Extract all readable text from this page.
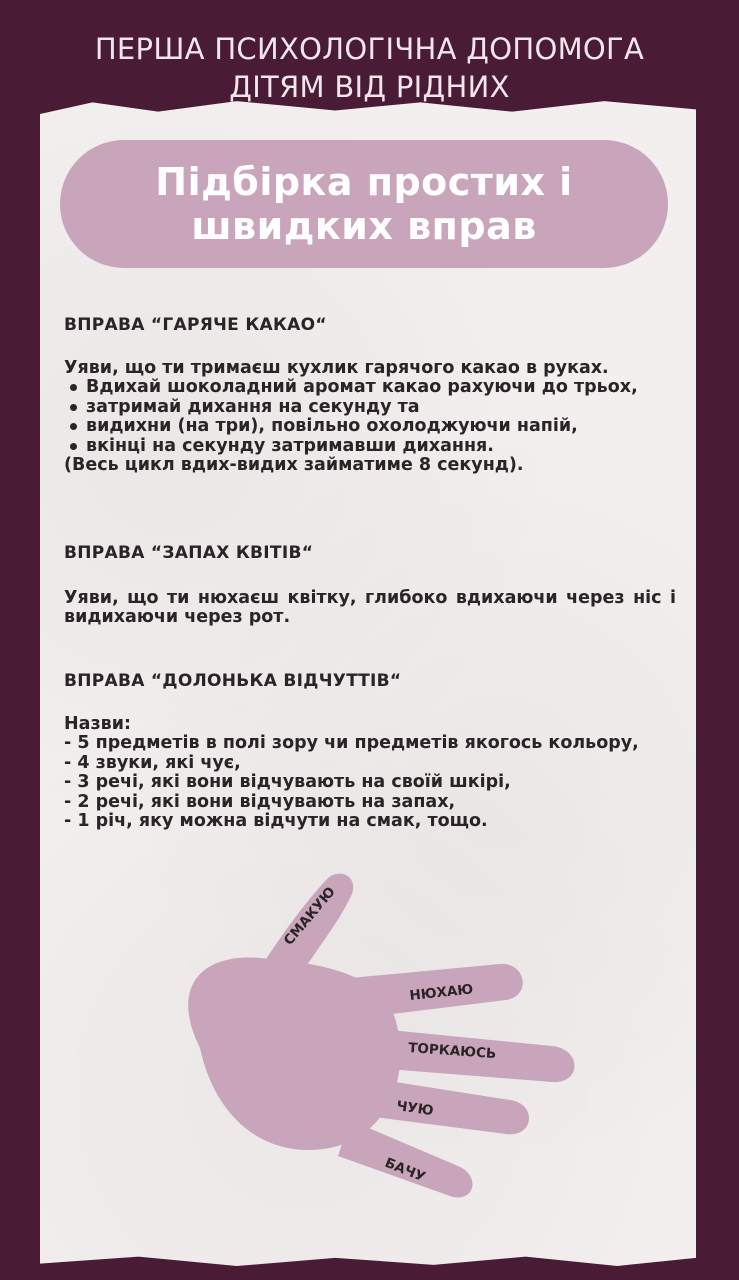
ПЕРША ПСИХОЛОГІЧНА ДОПОМОГА
ДІТЯМ ВІД РІДНИХ
Підбірка простих і
швидких вправ
ВПРАВА “ГАРЯЧЕ КАКАО“
Уяви, що ти тримаєш кухлик гарячого какао в руках.
Вдихай шоколадний аромат какао рахуючи до трьох,
затримай дихання на секунду та
видихни (на три), повільно охолоджуючи напій,
вкінці на секунду затримавши дихання.
(Весь цикл вдих-видих займатиме 8 секунд).
ВПРАВА “ЗАПАХ КВІТІВ“
Уяви, що ти нюхаєш квітку, глибоко вдихаючи через ніс і видихаючи через рот.
ВПРАВА “ДОЛОНЬКА ВІДЧУТТІВ“
Назви:
- 5 предметів в полі зору чи предметів якогось кольору,
- 4 звуки, які чує,
- 3 речі, які вони відчувають на своїй шкірі,
- 2 речі, які вони відчувають на запах,
- 1 річ, яку можна відчути на смак, тощо.
СМАКУЮ
НЮХАЮ
ТОРКАЮСЬ
ЧУЮ
БАЧУ
